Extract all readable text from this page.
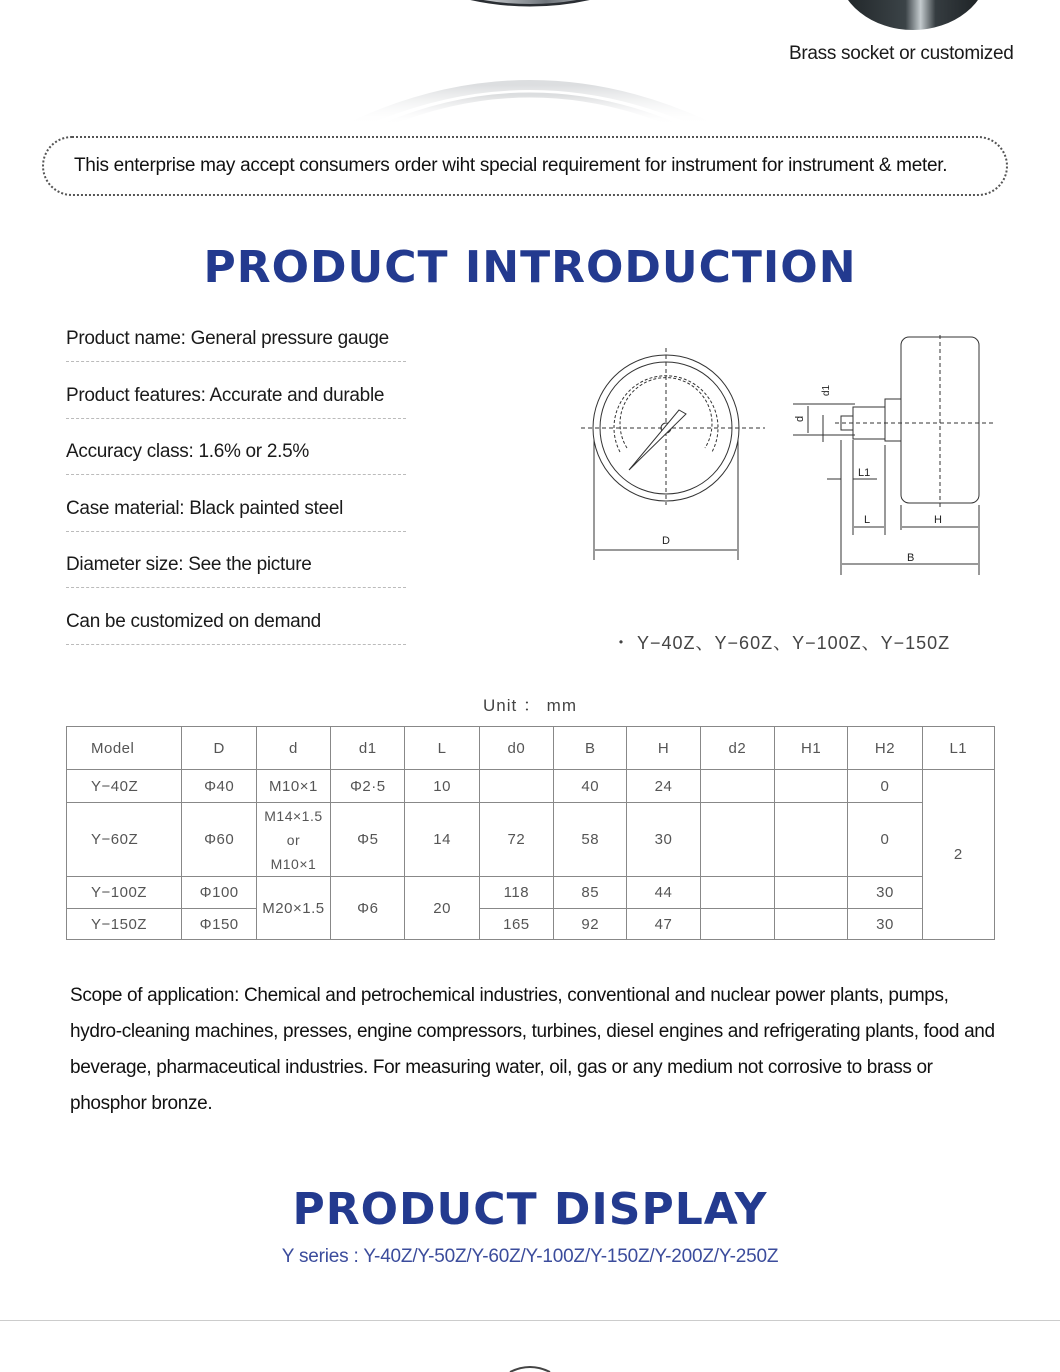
Brass socket or customized
This enterprise may accept consumers order wiht special requirement for instrument for instrument & meter.
PRODUCT INTRODUCTION
Product name: General pressure gauge
Product features: Accurate and durable
Accuracy class: 1.6% or 2.5%
Case material: Black painted steel
Diameter size: See the picture
Can be customized on demand
D
d
d1
L1
L	H
B
・ Y−40Z、Y−60Z、Y−100Z、Y−150Z
Unit ： mm
Model	D	d	d1	L	d0	B	H	d2	H1	H2	L1
Y−40Z	Φ40	M10×1	Φ2·5	10		40	24			0	2
Y−60Z	Φ60	M14×1.5
or
M10×1	Φ5	14	72	58	30			0	
Y−100Z	Φ100	M20×1.5	Φ6	20	118	85	44			30	
Y−150Z	Φ150				165	92	47			30	
Scope of application: Chemical and petrochemical industries, conventional and nuclear power plants, pumps, hydro-cleaning machines, presses, engine compressors, turbines, diesel engines and refrigerating plants, food and beverage, pharmaceutical industries. For measuring water, oil, gas or any medium not corrosive to brass or phosphor bronze.
PRODUCT DISPLAY
Y series : Y-40Z/Y-50Z/Y-60Z/Y-100Z/Y-150Z/Y-200Z/Y-250Z
